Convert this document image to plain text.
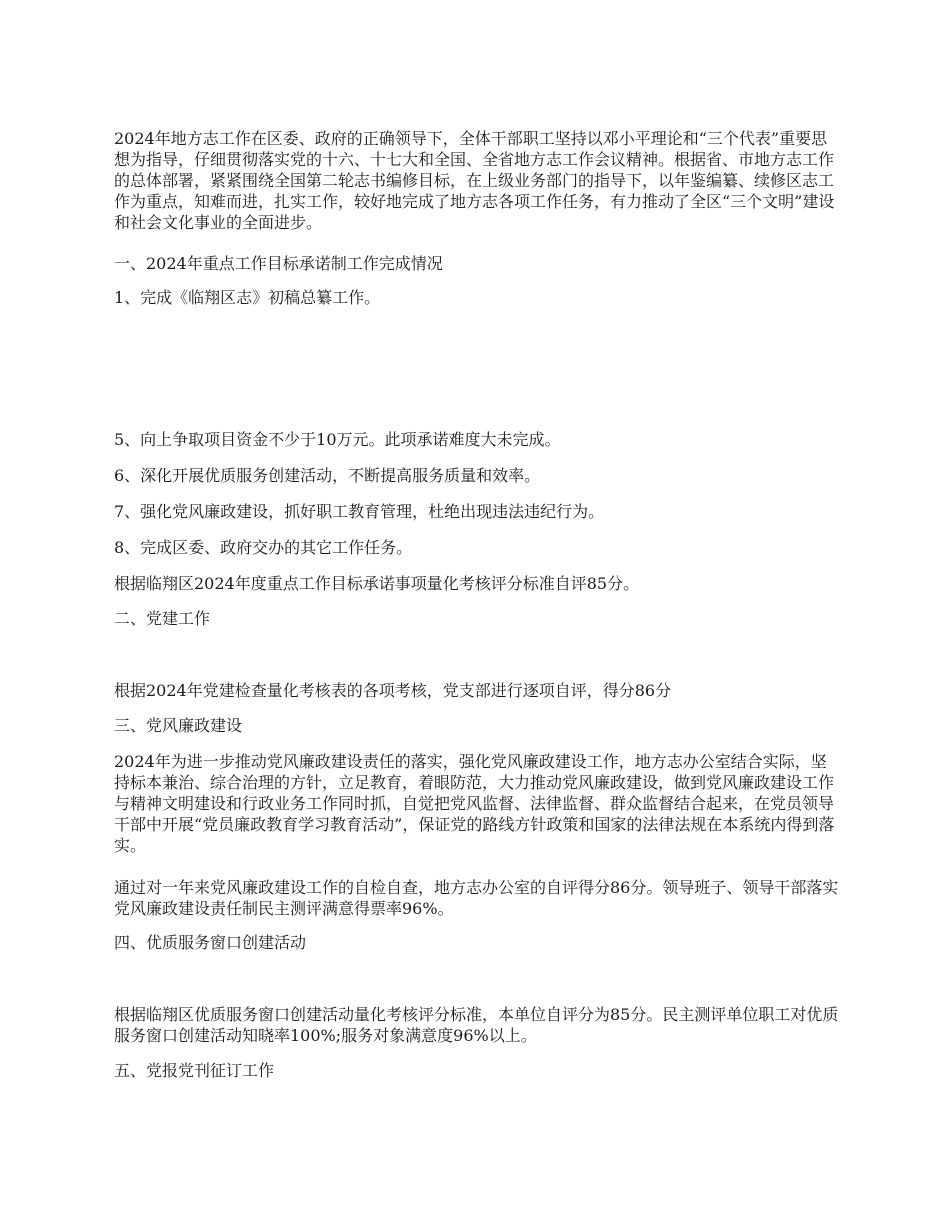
2024年地方志工作在区委、政府的正确领导下，全体干部职工坚持以邓小平理论和“三个代表”重要思想为指导，仔细贯彻落实党的十六、十七大和全国、全省地方志工作会议精神。根据省、市地方志工作的总体部署，紧紧围绕全国第二轮志书编修目标，在上级业务部门的指导下，以年鉴编纂、续修区志工作为重点，知难而进，扎实工作，较好地完成了地方志各项工作任务，有力推动了全区“三个文明”建设和社会文化事业的全面进步。

一、2024年重点工作目标承诺制工作完成情况

1、完成《临翔区志》初稿总纂工作。

5、向上争取项目资金不少于10万元。此项承诺难度大未完成。

6、深化开展优质服务创建活动，不断提高服务质量和效率。

7、强化党风廉政建设，抓好职工教育管理，杜绝出现违法违纪行为。

8、完成区委、政府交办的其它工作任务。

根据临翔区2024年度重点工作目标承诺事项量化考核评分标准自评85分。

二、党建工作

根据2024年党建检查量化考核表的各项考核，党支部进行逐项自评，得分86分

三、党风廉政建设

2024年为进一步推动党风廉政建设责任的落实，强化党风廉政建设工作，地方志办公室结合实际，坚持标本兼治、综合治理的方针，立足教育，着眼防范，大力推动党风廉政建设，做到党风廉政建设工作与精神文明建设和行政业务工作同时抓，自觉把党风监督、法律监督、群众监督结合起来，在党员领导干部中开展“党员廉政教育学习教育活动”，保证党的路线方针政策和国家的法律法规在本系统内得到落实。

通过对一年来党风廉政建设工作的自检自查，地方志办公室的自评得分86分。领导班子、领导干部落实党风廉政建设责任制民主测评满意得票率96%。

四、优质服务窗口创建活动

根据临翔区优质服务窗口创建活动量化考核评分标准，本单位自评分为85分。民主测评单位职工对优质服务窗口创建活动知晓率100%;服务对象满意度96%以上。

五、党报党刊征订工作
